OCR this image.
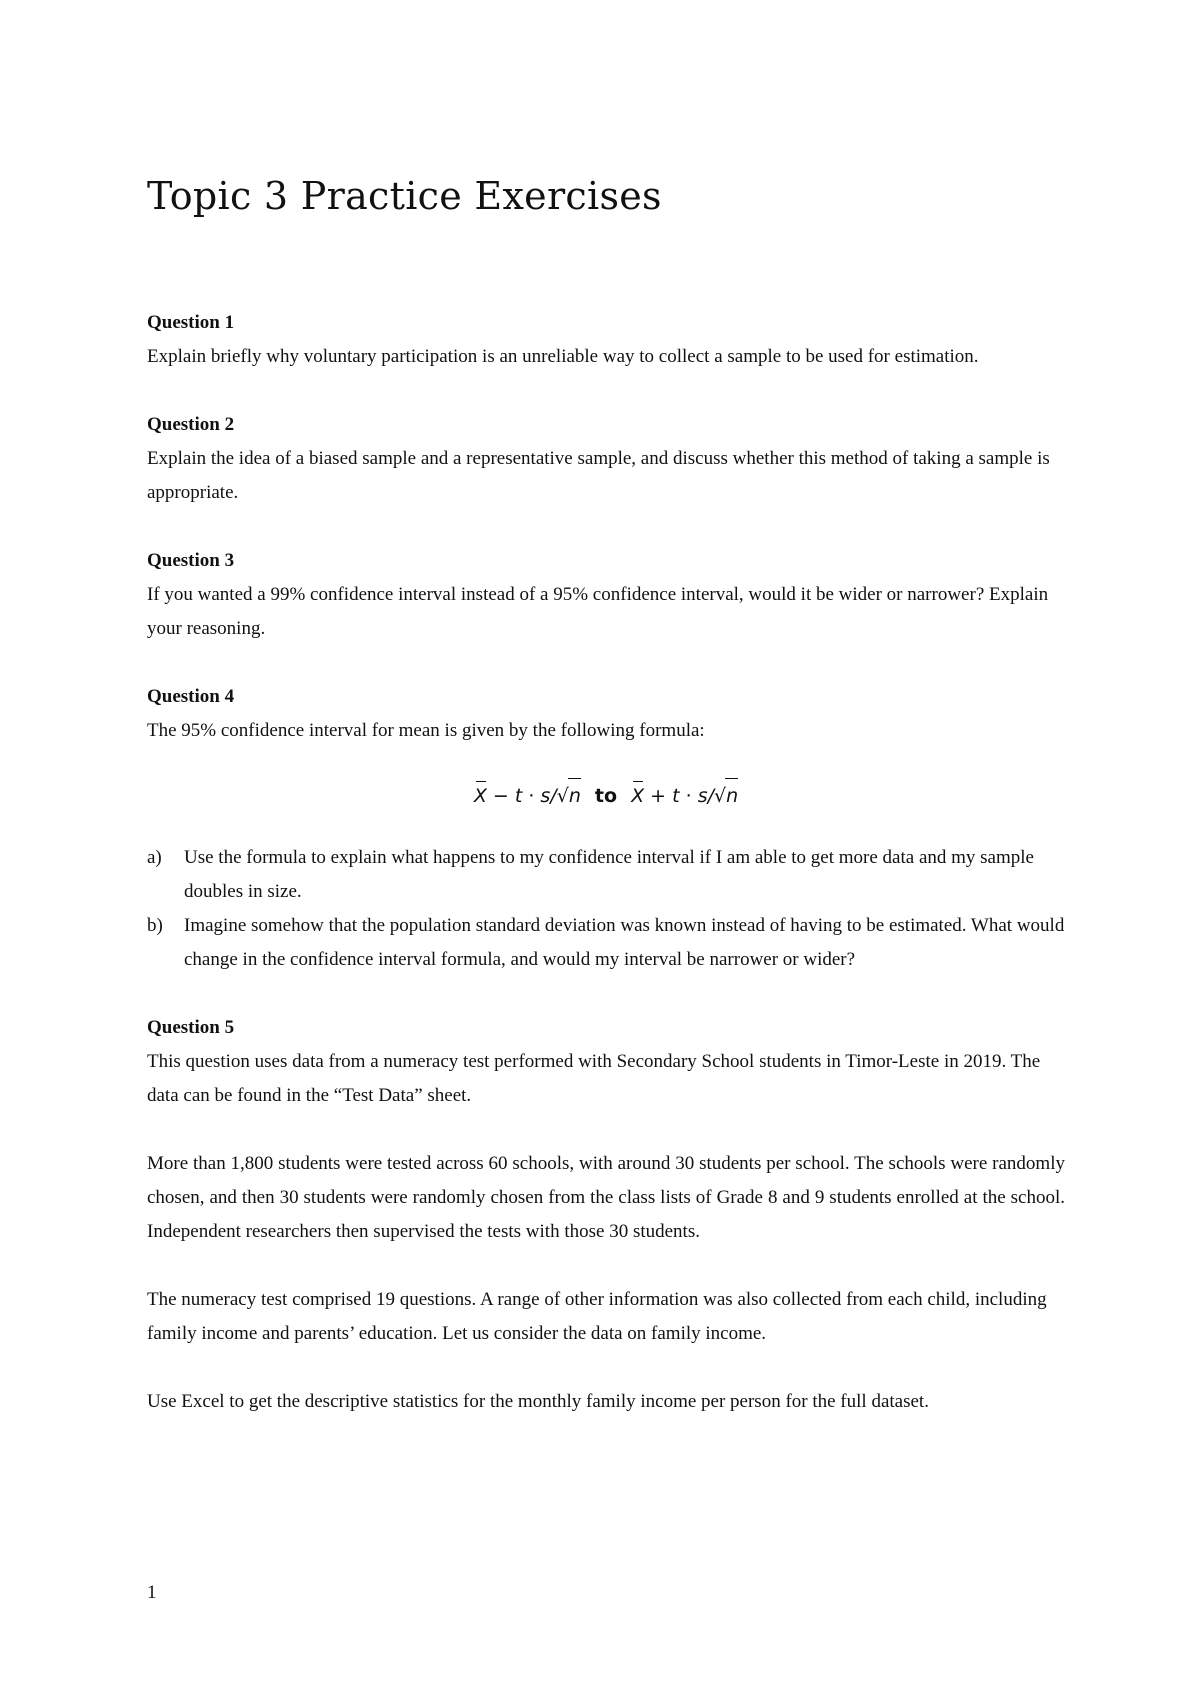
Topic 3 Practice Exercises
Question 1

Explain briefly why voluntary participation is an unreliable way to collect a sample to be used for estimation.

Question 2

Explain the idea of a biased sample and a representative sample, and discuss whether this method of taking a sample is appropriate.

Question 3

If you wanted a 99% confidence interval instead of a 95% confidence interval, would it be wider or narrower? Explain your reasoning.

Question 4

The 95% confidence interval for mean is given by the following formula:

X − t ⋅ s/√n to X + t ⋅ s/√n
a) Use the formula to explain what happens to my confidence interval if I am able to get more data and my sample doubles in size.
b) Imagine somehow that the population standard deviation was known instead of having to be estimated. What would change in the confidence interval formula, and would my interval be narrower or wider?
Question 5

This question uses data from a numeracy test performed with Secondary School students in Timor-Leste in 2019. The data can be found in the “Test Data” sheet.

More than 1,800 students were tested across 60 schools, with around 30 students per school. The schools were randomly chosen, and then 30 students were randomly chosen from the class lists of Grade 8 and 9 students enrolled at the school. Independent researchers then supervised the tests with those 30 students.

The numeracy test comprised 19 questions. A range of other information was also collected from each child, including family income and parents’ education. Let us consider the data on family income.

Use Excel to get the descriptive statistics for the monthly family income per person for the full dataset.

1
